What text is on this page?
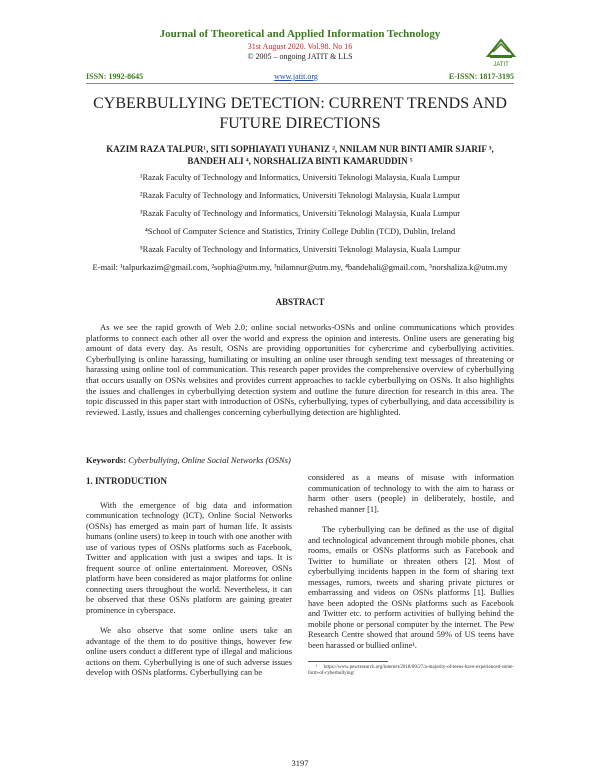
Journal of Theoretical and Applied Information Technology
31st August 2020. Vol.98. No 16
© 2005 – ongoing JATIT & LLS
JATIT
ISSN: 1992-8645	www.jatit.org	E-ISSN: 1817-3195
CYBERBULLYING DETECTION: CURRENT TRENDS AND FUTURE DIRECTIONS
KAZIM RAZA TALPUR¹, SITI SOPHIAYATI YUHANIZ ², NNILAM NUR BINTI AMIR SJARIF ³, BANDEH ALI ⁴, NORSHALIZA BINTI KAMARUDDIN ⁵
¹Razak Faculty of Technology and Informatics, Universiti Teknologi Malaysia, Kuala Lumpur
²Razak Faculty of Technology and Informatics, Universiti Teknologi Malaysia, Kuala Lumpur
³Razak Faculty of Technology and Informatics, Universiti Teknologi Malaysia, Kuala Lumpur
⁴School of Computer Science and Statistics, Trinity College Dublin (TCD), Dublin, Ireland
⁵Razak Faculty of Technology and Informatics, Universiti Teknologi Malaysia, Kuala Lumpur
E-mail: ¹talpurkazim@gmail.com, ²sophia@utm.my, ³nilamnur@utm.my, ⁴bandehali@gmail.com, ⁵norshaliza.k@utm.my
ABSTRACT
As we see the rapid growth of Web 2.0; online social networks-OSNs and online communications which provides platforms to connect each other all over the world and express the opinion and interests. Online users are generating big amount of data every day. As result, OSNs are providing opportunities for cybercrime and cyberbullying activities. Cyberbullying is online harassing, humiliating or insulting an online user through sending text messages of threatening or harassing using online tool of communication. This research paper provides the comprehensive overview of cyberbullying that occurs usually on OSNs websites and provides current approaches to tackle cyberbullying on OSNs. It also highlights the issues and challenges in cyberbullying detection system and outline the future direction for research in this area. The topic discussed in this paper start with introduction of OSNs, cyberbullying, types of cyberbullying, and data accessibility is reviewed. Lastly, issues and challenges concerning cyberbullying detection are highlighted.
Keywords: Cyberbullying, Online Social Networks (OSNs)
1. INTRODUCTION

With the emergence of big data and information communication technology (ICT), Online Social Networks (OSNs) has emerged as main part of human life. It assists humans (online users) to keep in touch with one another with use of various types of OSNs platforms such as Facebook, Twitter and application with just a swipes and taps. It is frequent source of online entertainment. Moreover, OSNs platform have been considered as major platforms for online connecting users throughout the world. Nevertheless, it can be observed that these OSNs platform are gaining greater prominence in cyberspace.

We also observe that some online users take an advantage of the them to do positive things, however few online users conduct a different type of illegal and malicious actions on them. Cyberbullying is one of such adverse issues develop with OSNs platforms. Cyberbullying can be

considered as a means of misuse with information communication of technology to with the aim to harass or harm other users (people) in deliberately, hostile, and rehashed manner [1].

The cyberbullying can be defined as the use of digital and technological advancement through mobile phones, chat rooms, emails or OSNs platforms such as Facebook and Twitter to humiliate or threaten others [2]. Most of cyberbullying incidents happen in the form of sharing text messages, rumors, tweets and sharing private pictures or embarrassing and videos on OSNs platforms [1]. Bullies have been adopted the OSNs platforms such as Facebook and Twitter etc. to perform activities of bullying behind the mobile phone or personal computer by the internet. The Pew Research Centre showed that around 59% of US teens have been harassed or bullied online¹.

¹ https://www.pewresearch.org/internet/2018/09/27/a-majority-of-teens-have-experienced-some-form-of-cyberbullying/

3197
